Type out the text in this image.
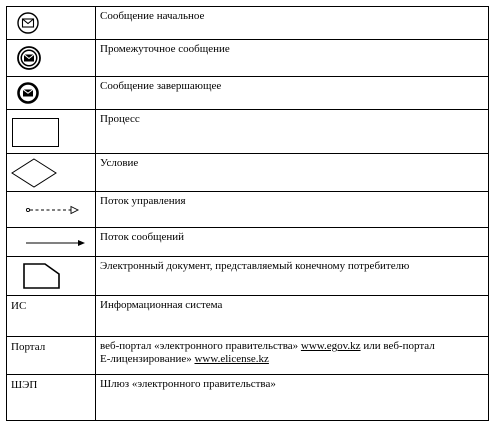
	Сообщение начальное

	Промежуточное сообщение

	Сообщение завершающее

	Процесс

	Условие

	Поток управления

	Поток сообщений

	Электронный документ, представляемый конечному потребителю
ИС	Информационная система
Портал	веб-портал «электронного правительства» www.egov.kz или веб-портал
Е-лицензирование» www.elicense.kz
ШЭП	Шлюз «электронного правительства»
